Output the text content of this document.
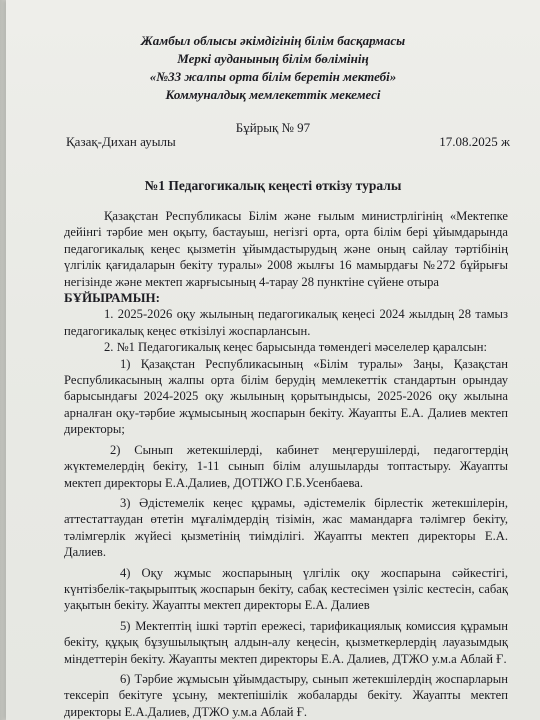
Жамбыл облысы әкімдігінің білім басқармасы
Меркі ауданының білім бөлімінің
«№33 жалпы орта білім беретін мектебі»
Коммуналдық мемлекеттік мекемесі
Бұйрық № 97
Қазақ-Дихан ауылы	17.08.2025 ж
№1 Педагогикалық кеңесті өткізу туралы

Қазақстан Республикасы Білім және ғылым министрлігінің «Мектепке дейінгі тәрбие мен оқыту, бастауыш, негізгі орта, орта білім бері ұйымдарында педагогикалық кеңес қызметін ұйымдастырудың және оның сайлау тәртібінің үлгілік қағидаларын бекіту туралы» 2008 жылғы 16 мамырдағы №272 бұйрығы негізінде және мектеп жарғысының 4-тарау 28 пунктіне сүйене отыра

БҰЙЫРАМЫН:

1. 2025-2026 оқу жылының педагогикалық кеңесі 2024 жылдың 28 тамыз педагогикалық кеңес өткізілуі жоспарлансын.

2. №1 Педагогикалық кеңес барысында төмендегі мәселелер қаралсын:

1) Қазақстан Республикасының «Білім туралы» Заңы, Қазақстан Республикасының жалпы орта білім берудің мемлекеттік стандартын орындау барысындағы 2024-2025 оқу жылының қорытындысы, 2025-2026 оқу жылына арналған оқу-тәрбие жұмысының жоспарын бекіту. Жауапты Е.А. Далиев мектеп директоры;

2) Сынып жетекшілерді, кабинет меңгерушілерді, педагогтердің жүктемелердің бекіту, 1-11 сынып білім алушыларды топтастыру. Жауапты мектеп директоры Е.А.Далиев, ДОТІЖО Г.Б.Усенбаева.

3) Әдістемелік кеңес құрамы, әдістемелік бірлестік жетекшілерін, аттестаттаудан өтетін мұғалімдердің тізімін, жас мамандарға тәлімгер бекіту, тәлімгерлік жүйесі қызметінің тиімділігі. Жауапты мектеп директоры Е.А. Далиев.

4) Оқу жұмыс жоспарының үлгілік оқу жоспарына сәйкестігі, күнтізбелік-тақырыптық жоспарын бекіту, сабақ кестесімен үзіліс кестесін, сабақ уақытын бекіту. Жауапты мектеп директоры Е.А. Далиев

5) Мектептің ішкі тәртіп ережесі, тарификациялық комиссия құрамын бекіту, құқық бұзушылықтың алдын-алу кеңесін, қызметкерлердің лауазымдық міндеттерін бекіту. Жауапты мектеп директоры Е.А. Далиев, ДТЖО у.м.а Аблай Ғ.

6) Тәрбие жұмысын ұйымдастыру, сынып жетекшілердің жоспарларын тексеріп бекітуге ұсыну, мектепішілік жобаларды бекіту. Жауапты мектеп директоры Е.А.Далиев, ДТЖО у.м.а Аблай Ғ.
